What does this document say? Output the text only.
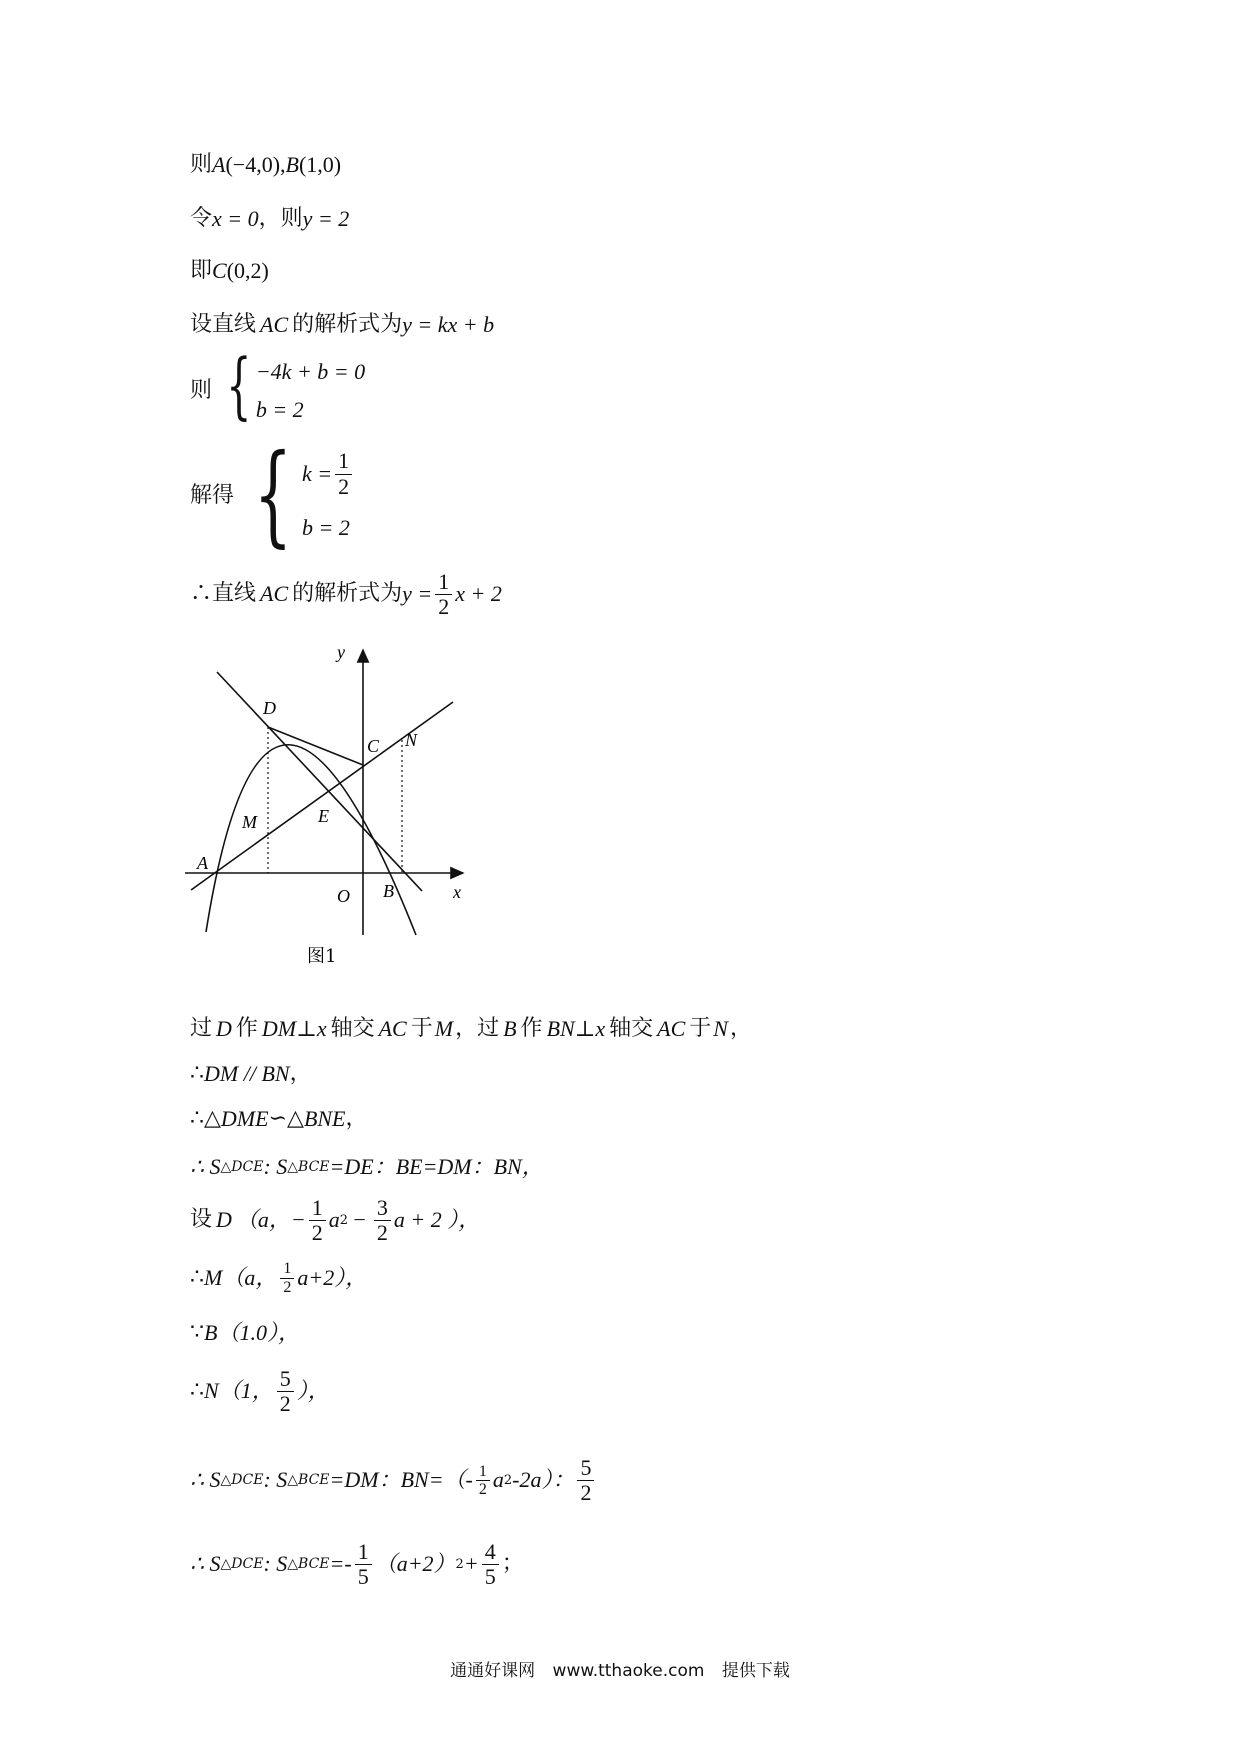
则 A (−4,0), B (1,0)
令 x = 0 ，则 y = 2
即 C (0,2)
设直线 AC 的解析式为 y = kx + b
则 { −4k + b = 0
b = 2
解得 { $k = \frac{1}{2}$
b = 2
∴直线 AC 的解析式为 $y = \frac{1}{2}$ x + 2
y
x
O
A
B
C
D
E
M
N
图1
过 D 作 DM⊥x 轴交 AC 于 M ，过 B 作 BN⊥x 轴交 AC 于 N ，
∴ DM // BN ，
∴△ DME ∽△ BNE ，
∴ S △DCE : S △BCE =DE：BE=DM：BN，
设 D （a，− $\frac{1}{2}$ a $2 - \frac{3}{2}$ a + 2 ），
∴ M （a， $\frac{1}{2} a+2$），
∵ B （1.0），
∴ N （1， $\frac{5}{2}$ ），
∴ S △DCE : S △BCE =DM：$BN=(- \frac{1}{2}$ a 2 -2a）： $\frac{5}{2}$
∴ S △DCE : S △BCE =- $\frac{1}{5} (a+2) 2 + \frac{4}{5}$ ；
通通好课网 www.tthaoke.com 提供下载
